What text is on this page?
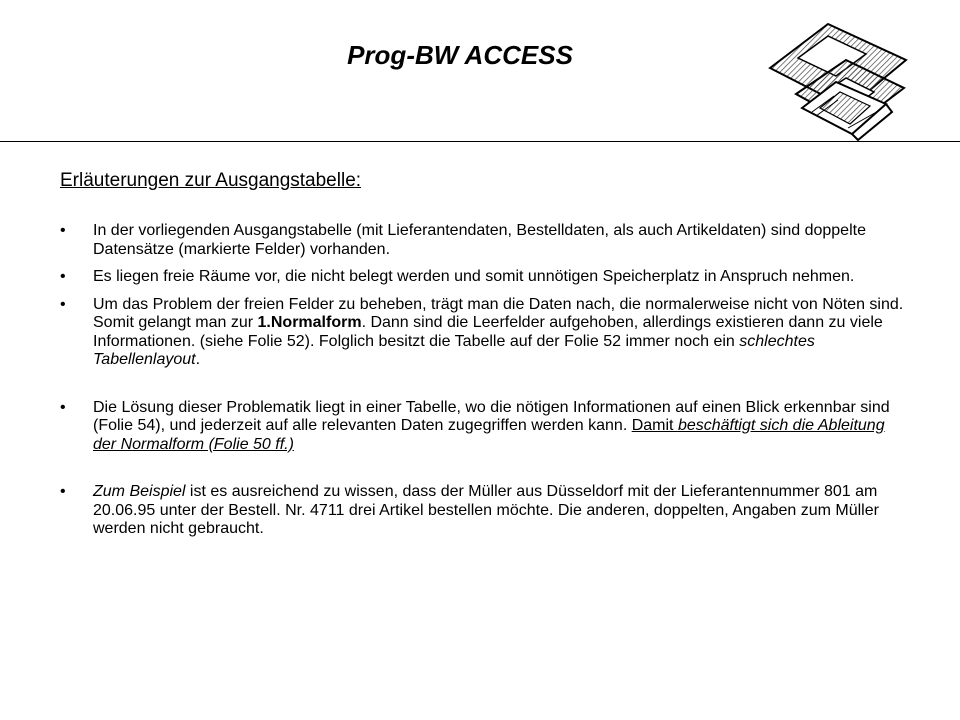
Prog-BW ACCESS
Erläuterungen zur Ausgangstabelle:
• In der vorliegenden Ausgangstabelle (mit Lieferantendaten, Bestelldaten, als auch Artikeldaten) sind doppelte Datensätze (markierte Felder) vorhanden.
• Es liegen freie Räume vor, die nicht belegt werden und somit unnötigen Speicherplatz in Anspruch nehmen.
• Um das Problem der freien Felder zu beheben, trägt man die Daten nach, die normalerweise nicht von Nöten sind. Somit gelangt man zur 1.Normalform. Dann sind die Leerfelder aufgehoben, allerdings existieren dann zu viele Informationen. (siehe Folie 52). Folglich besitzt die Tabelle auf der Folie 52 immer noch ein schlechtes Tabellenlayout.
• Die Lösung dieser Problematik liegt in einer Tabelle, wo die nötigen Informationen auf einen Blick erkennbar sind (Folie 54), und jederzeit auf alle relevanten Daten zugegriffen werden kann. Damit beschäftigt sich die Ableitung der Normalform (Folie 50 ff.)
• Zum Beispiel ist es ausreichend zu wissen, dass der Müller aus Düsseldorf mit der Lieferantennummer 801 am 20.06.95 unter der Bestell. Nr. 4711 drei Artikel bestellen möchte. Die anderen, doppelten, Angaben zum Müller werden nicht gebraucht.
